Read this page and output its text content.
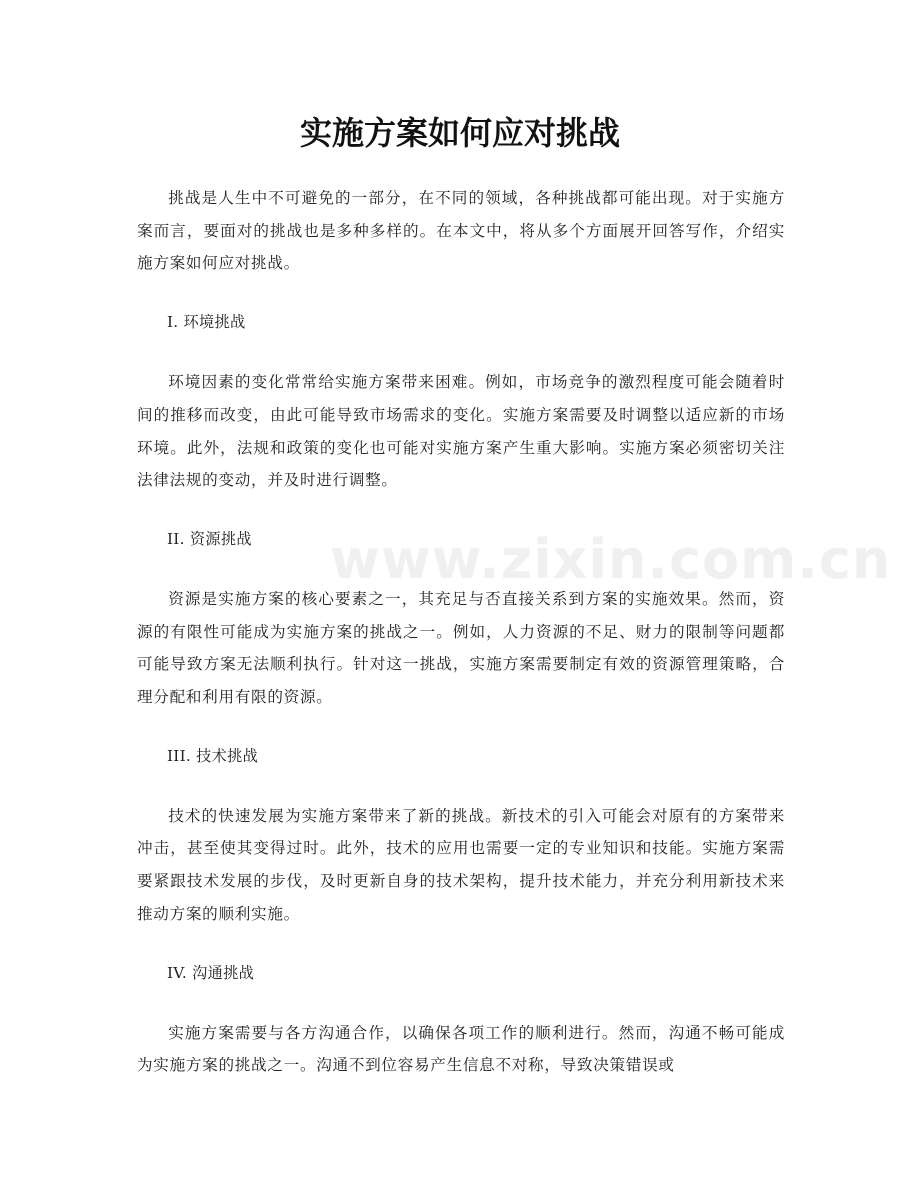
www.zixin.com.cn
实施方案如何应对挑战

挑战是人生中不可避免的一部分，在不同的领域，各种挑战都可能出现。对于实施方案而言，要面对的挑战也是多种多样的。在本文中，将从多个方面展开回答写作，介绍实施方案如何应对挑战。

I. 环境挑战

环境因素的变化常常给实施方案带来困难。例如，市场竞争的激烈程度可能会随着时间的推移而改变，由此可能导致市场需求的变化。实施方案需要及时调整以适应新的市场环境。此外，法规和政策的变化也可能对实施方案产生重大影响。实施方案必须密切关注法律法规的变动，并及时进行调整。

II. 资源挑战

资源是实施方案的核心要素之一，其充足与否直接关系到方案的实施效果。然而，资源的有限性可能成为实施方案的挑战之一。例如，人力资源的不足、财力的限制等问题都可能导致方案无法顺利执行。针对这一挑战，实施方案需要制定有效的资源管理策略，合理分配和利用有限的资源。

III. 技术挑战

技术的快速发展为实施方案带来了新的挑战。新技术的引入可能会对原有的方案带来冲击，甚至使其变得过时。此外，技术的应用也需要一定的专业知识和技能。实施方案需要紧跟技术发展的步伐，及时更新自身的技术架构，提升技术能力，并充分利用新技术来推动方案的顺利实施。

IV. 沟通挑战

实施方案需要与各方沟通合作，以确保各项工作的顺利进行。然而，沟通不畅可能成为实施方案的挑战之一。沟通不到位容易产生信息不对称，导致决策错误或
